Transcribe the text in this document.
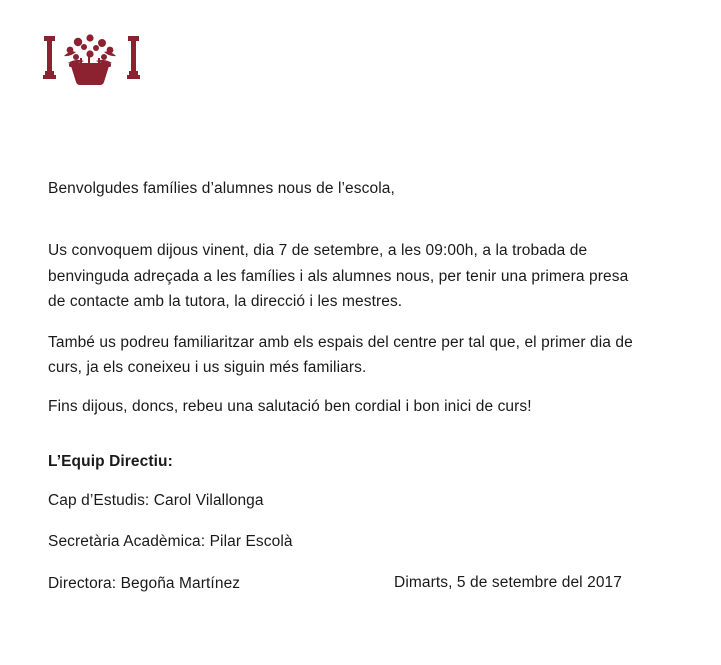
Benvolgudes famílies d’alumnes nous de l’escola,

Us convoquem dijous vinent, dia 7 de setembre, a les 09:00h, a la trobada de benvinguda adreçada a les famílies i als alumnes nous, per tenir una primera presa de contacte amb la tutora, la direcció i les mestres.

També us podreu familiaritzar amb els espais del centre per tal que, el primer dia de curs, ja els coneixeu i us siguin més familiars.

Fins dijous, doncs, rebeu una salutació ben cordial i bon inici de curs!

L’Equip Directiu:

Cap d’Estudis: Carol Vilallonga

Secretària Acadèmica: Pilar Escolà

Directora: Begoña Martínez	Dimarts, 5 de setembre del 2017
